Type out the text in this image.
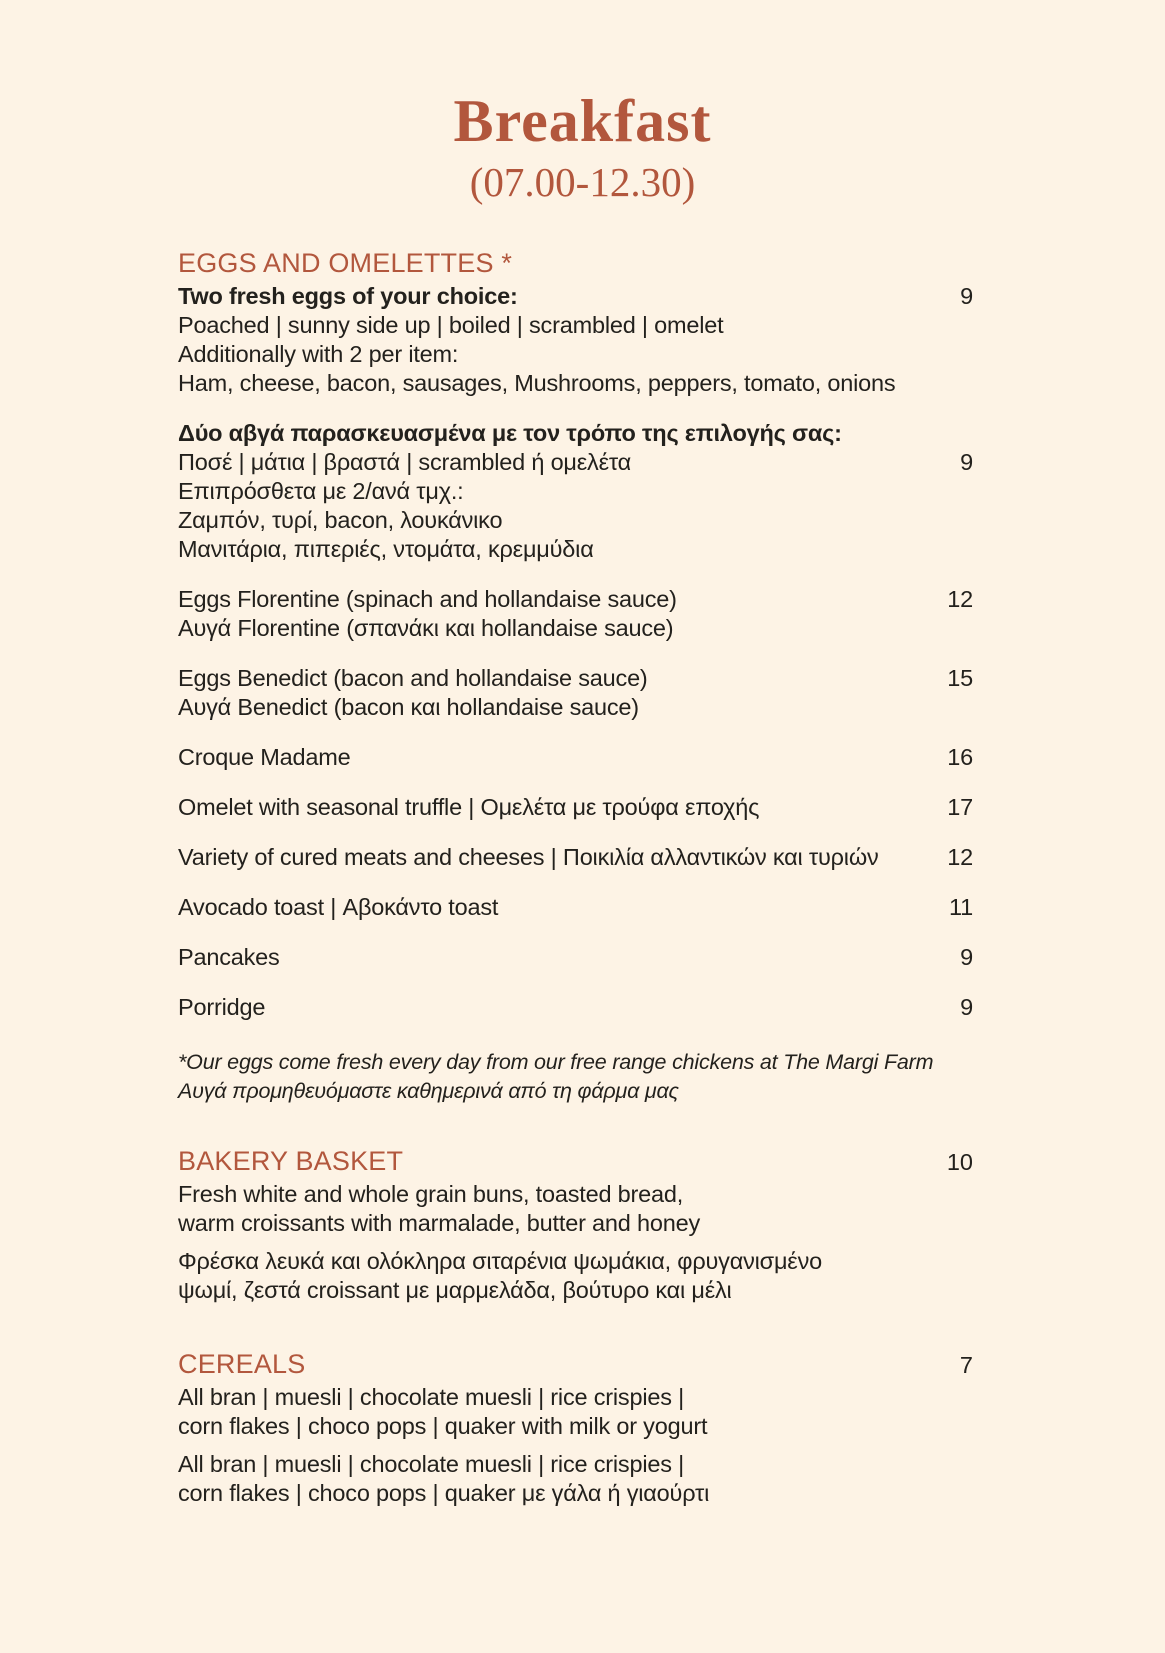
Breakfast
(07.00-12.30)
EGGS AND OMELETTES *
Two fresh eggs of your choice:	9
Poached | sunny side up | boiled | scrambled | omelet
Additionally with 2 per item:
Ham, cheese, bacon, sausages, Mushrooms, peppers, tomato, onions
Δύο αβγά παρασκευασμένα με τον τρόπο της επιλογής σας:
Ποσέ | μάτια | βραστά | scrambled ή ομελέτα	9
Επιπρόσθετα με 2/ανά τμχ.:
Ζαμπόν, τυρί, bacon, λουκάνικο
Μανιτάρια, πιπεριές, ντομάτα, κρεμμύδια
Eggs Florentine (spinach and hollandaise sauce)	12
Αυγά Florentine (σπανάκι και hollandaise sauce)
Eggs Benedict (bacon and hollandaise sauce)	15
Αυγά Benedict (bacon και hollandaise sauce)
Croque Madame	16
Omelet with seasonal truffle | Ομελέτα με τρούφα εποχής	17
Variety of cured meats and cheeses | Ποικιλία αλλαντικών και τυριών	12
Avocado toast | Αβοκάντο toast	11
Pancakes	9
Porridge	9
*Our eggs come fresh every day from our free range chickens at The Margi Farm
Αυγά προμηθευόμαστε καθημερινά από τη φάρμα μας
BAKERY BASKET	10
Fresh white and whole grain buns, toasted bread,
warm croissants with marmalade, butter and honey
Φρέσκα λευκά και ολόκληρα σιταρένια ψωμάκια, φρυγανισμένο
ψωμί, ζεστά croissant με μαρμελάδα, βούτυρο και μέλι
CEREALS	7
All bran | muesli | chocolate muesli | rice crispies |
corn flakes | choco pops | quaker with milk or yogurt
All bran | muesli | chocolate muesli | rice crispies |
corn flakes | choco pops | quaker με γάλα ή γιαούρτι
